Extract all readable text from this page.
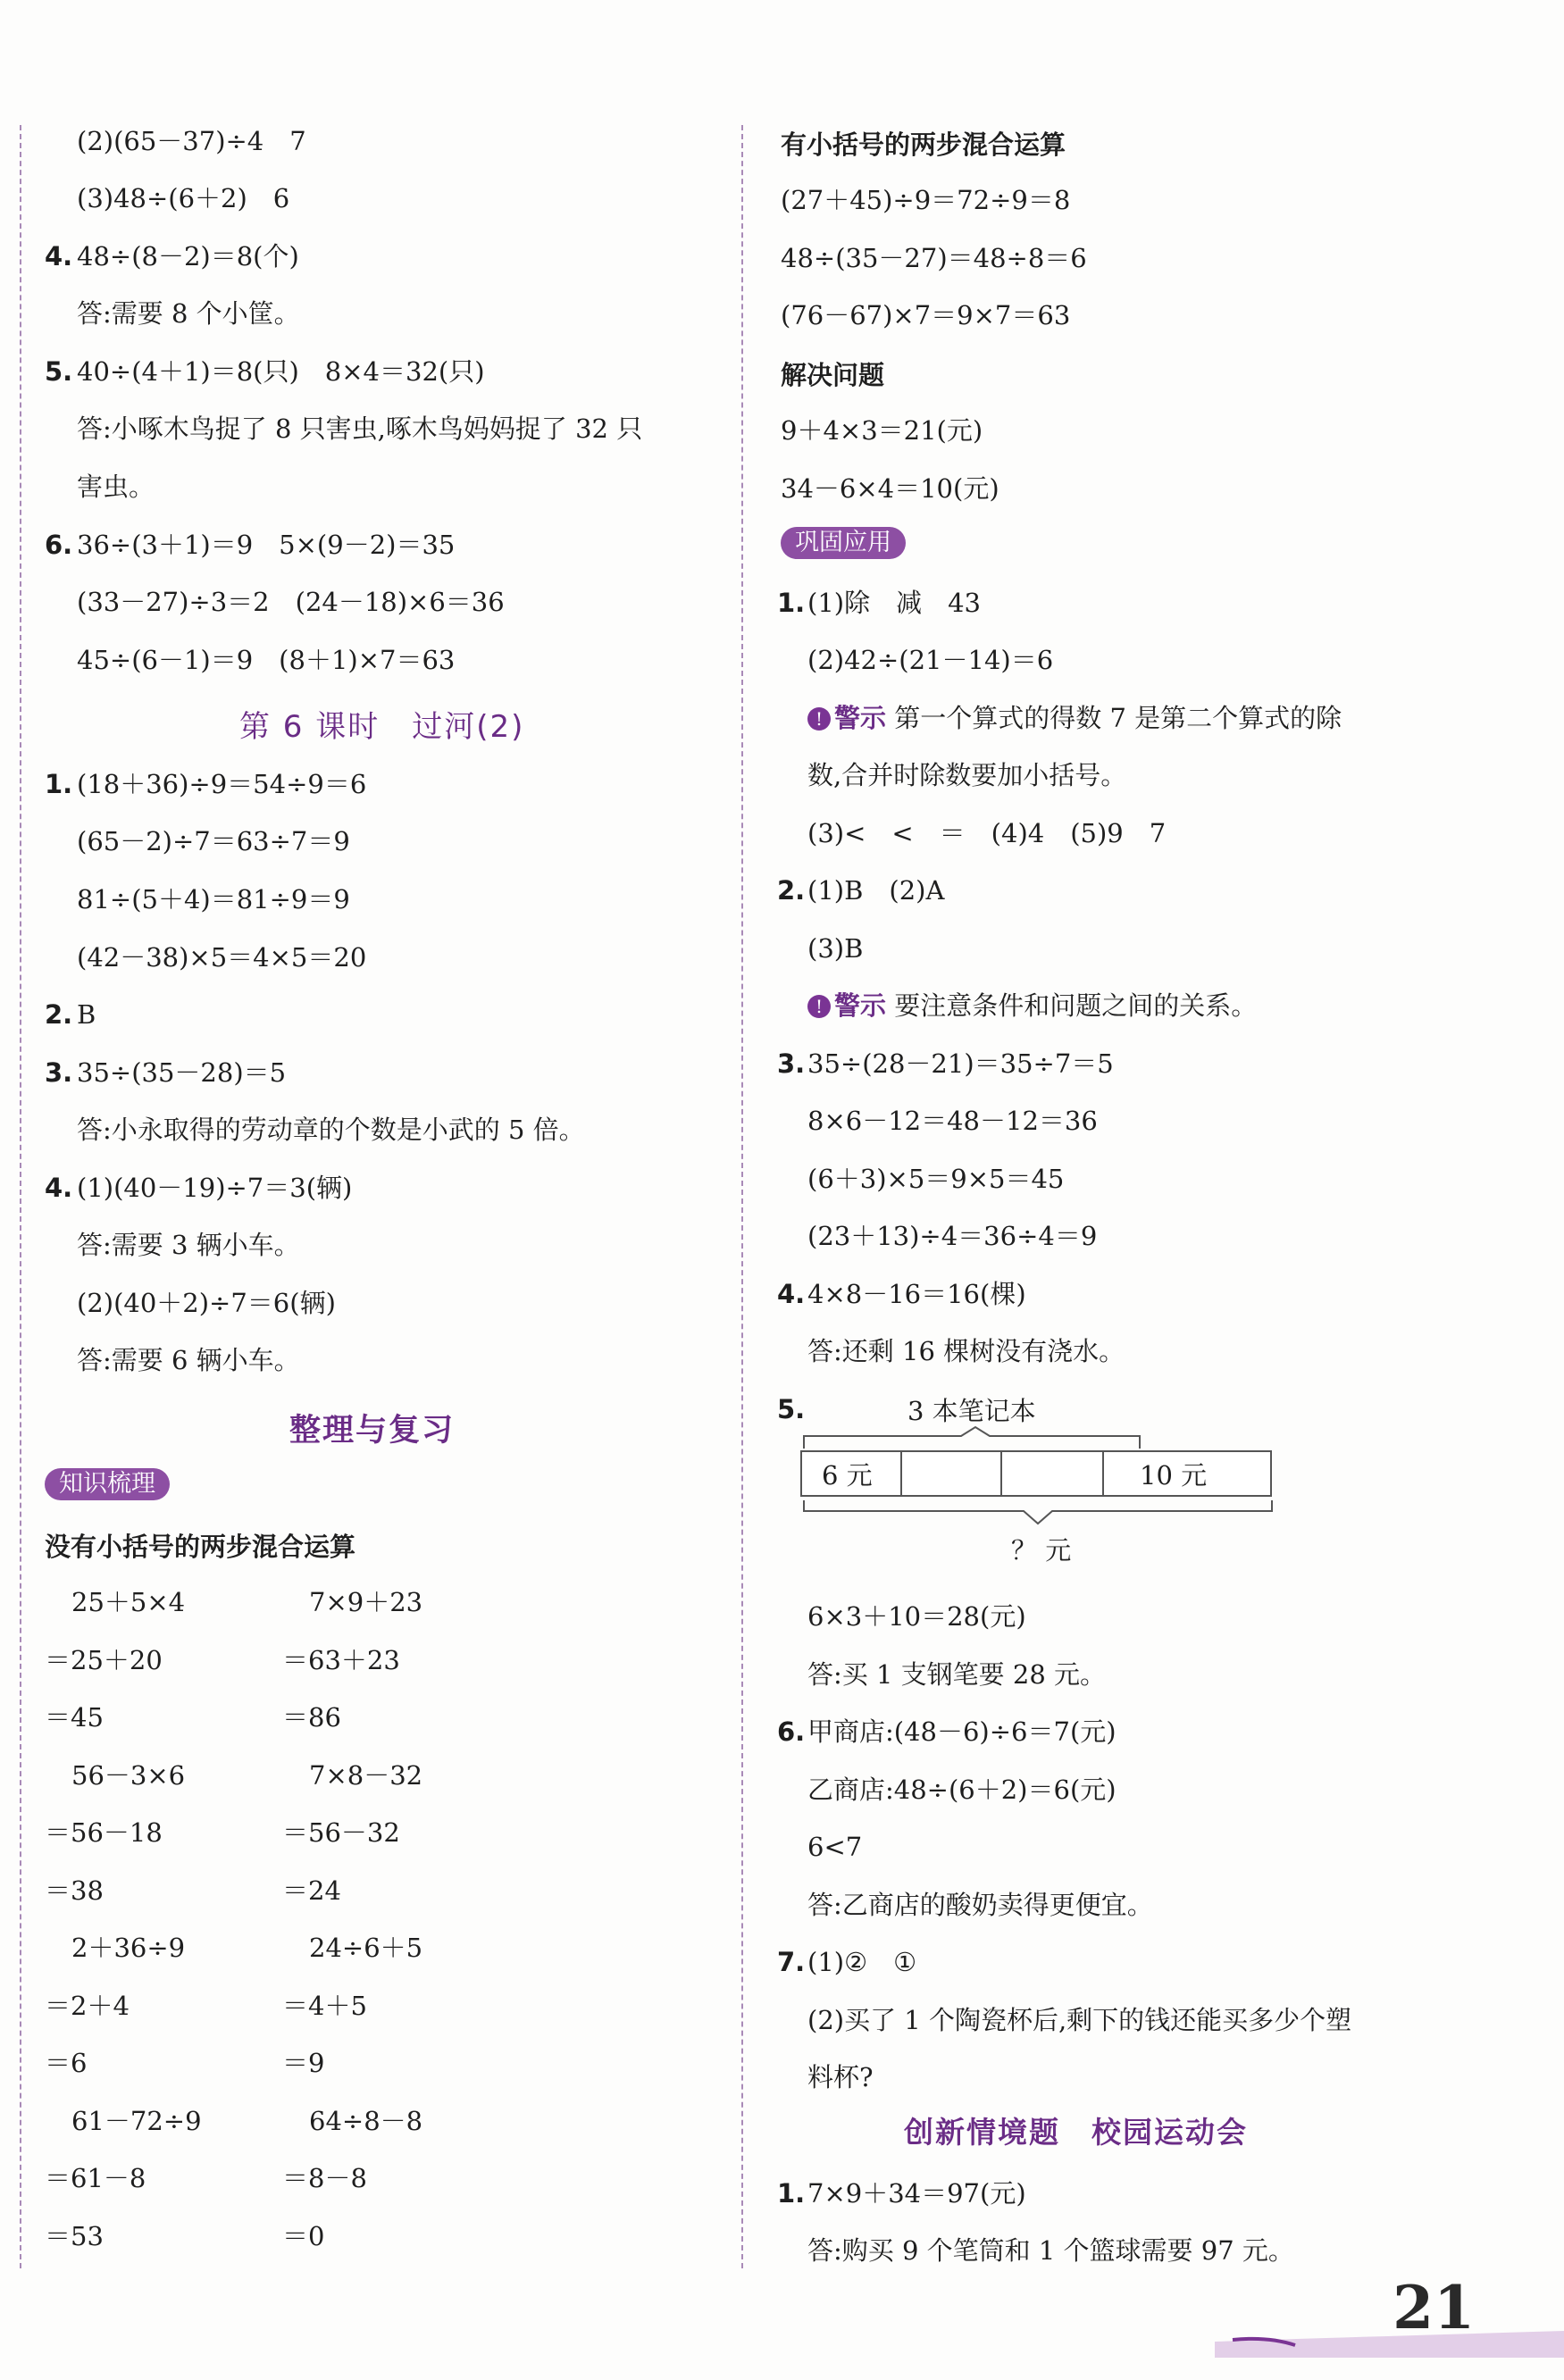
(2)(65－37)÷4　7
(3)48÷(6＋2)　6
4. 48÷(8－2)＝8(个)
答:需要 8 个小筐。
5. 40÷(4＋1)＝8(只)　8×4＝32(只)
答:小啄木鸟捉了 8 只害虫,啄木鸟妈妈捉了 32 只
害虫。
6. 36÷(3＋1)＝9　5×(9－2)＝35
(33－27)÷3＝2　(24－18)×6＝36
45÷(6－1)＝9　(8＋1)×7＝63
第 6 课时　过河(2)
1. (18＋36)÷9＝54÷9＝6
(65－2)÷7＝63÷7＝9
81÷(5＋4)＝81÷9＝9
(42－38)×5＝4×5＝20
2. B
3. 35÷(35－28)＝5
答:小永取得的劳动章的个数是小武的 5 倍。
4. (1)(40－19)÷7＝3(辆)
答:需要 3 辆小车。
(2)(40＋2)÷7＝6(辆)
答:需要 6 辆小车。
整理与复习
知识梳理
没有小括号的两步混合运算
25＋5×4
＝25＋20
＝45
7×9＋23
＝63＋23
＝86
56－3×6
＝56－18
＝38
7×8－32
＝56－32
＝24
2＋36÷9
＝2＋4
＝6
24÷6＋5
＝4＋5
＝9
61－72÷9
＝61－8
＝53
64÷8－8
＝8－8
＝0
有小括号的两步混合运算
(27＋45)÷9＝72÷9＝8
48÷(35－27)＝48÷8＝6
(76－67)×7＝9×7＝63
解决问题
9＋4×3＝21(元)
34－6×4＝10(元)
巩固应用
1. (1)除　减　43
(2)42÷(21－14)＝6
! 警示 第一个算式的得数 7 是第二个算式的除
数,合并时除数要加小括号。
(3)<　<　＝　(4)4　(5)9　7
2. (1)B　(2)A
(3)B
! 警示 要注意条件和问题之间的关系。
3. 35÷(28－21)＝35÷7＝5
8×6－12＝48－12＝36
(6＋3)×5＝9×5＝45
(23＋13)÷4＝36÷4＝9
4. 4×8－16＝16(棵)
答:还剩 16 棵树没有浇水。
5.	3 本笔记本
6 元	10 元
？ 元
6×3＋10＝28(元)
答:买 1 支钢笔要 28 元。
6. 甲商店:(48－6)÷6＝7(元)
乙商店:48÷(6＋2)＝6(元)
6<7
答:乙商店的酸奶卖得更便宜。
7. (1)②　①
(2)买了 1 个陶瓷杯后,剩下的钱还能买多少个塑
料杯?
创新情境题　校园运动会
1. 7×9＋34＝97(元)
答:购买 9 个笔筒和 1 个篮球需要 97 元。
21
